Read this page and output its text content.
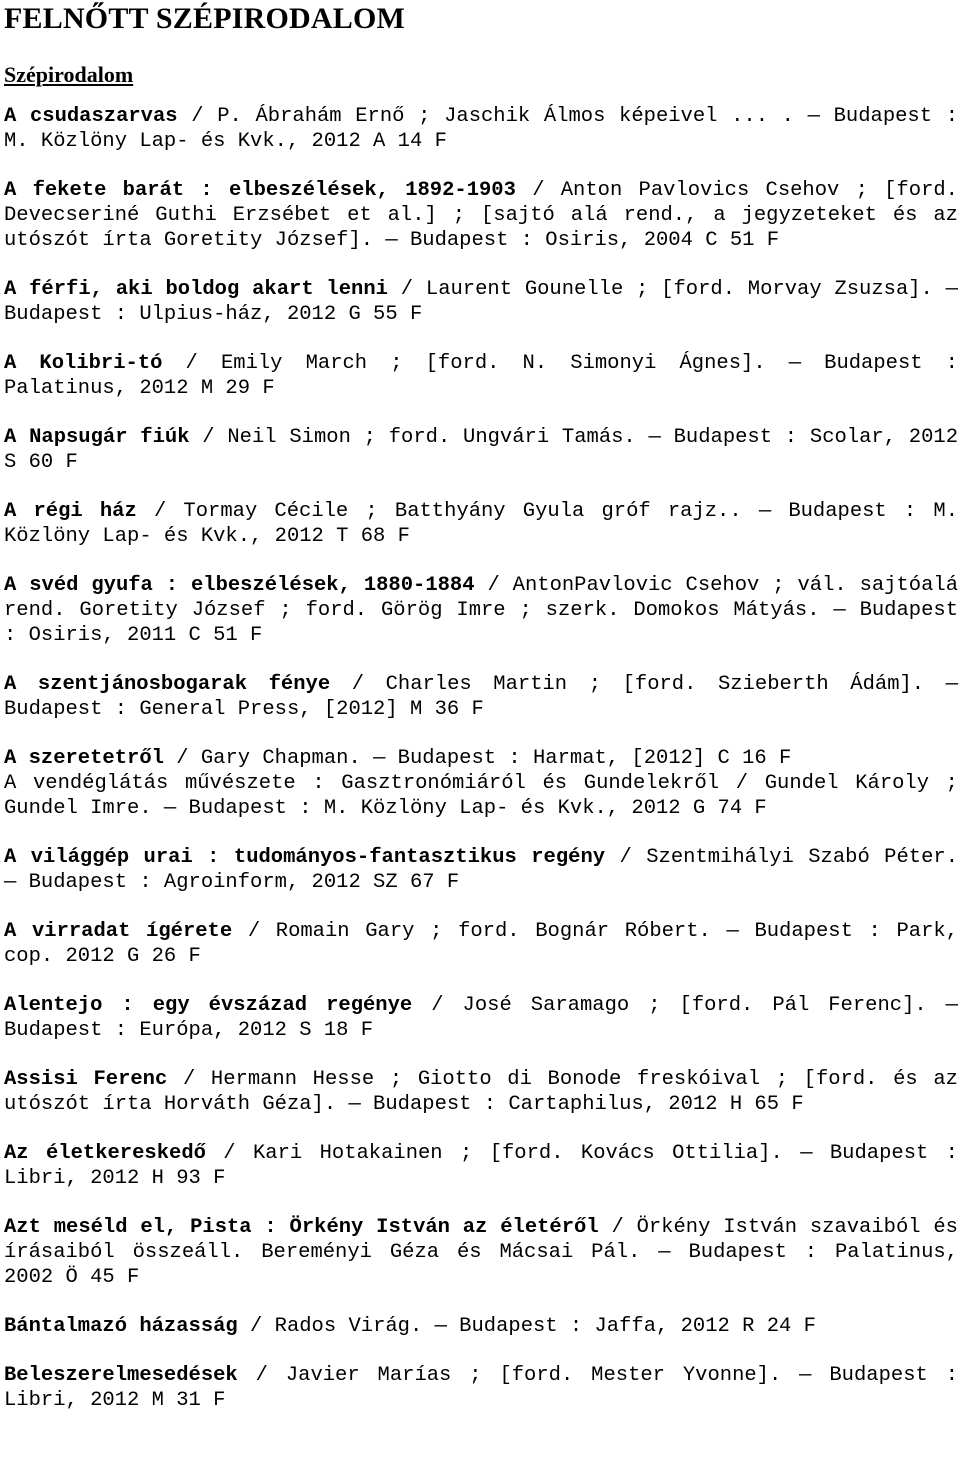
FELNŐTT SZÉPIRODALOM
Szépirodalom
A csudaszarvas / P. Ábrahám Ernő ; Jaschik Álmos képeivel ... . — Budapest : M. Közlöny Lap- és Kvk., 2012 A 14 F
A fekete barát : elbeszélések, 1892-1903 / Anton Pavlovics Csehov ; [ford. Devecseriné Guthi Erzsébet et al.] ; [sajtó alá rend., a jegyzeteket és az utószót írta Goretity József]. — Budapest : Osiris, 2004 C 51 F
A férfi, aki boldog akart lenni / Laurent Gounelle ; [ford. Morvay Zsuzsa]. — Budapest : Ulpius-ház, 2012 G 55 F
A Kolibri-tó / Emily March ; [ford. N. Simonyi Ágnes]. — Budapest : Palatinus, 2012 M 29 F
A Napsugár fiúk / Neil Simon ; ford. Ungvári Tamás. — Budapest : Scolar, 2012 S 60 F
A régi ház / Tormay Cécile ; Batthyány Gyula gróf rajz.. — Budapest : M. Közlöny Lap- és Kvk., 2012 T 68 F
A svéd gyufa : elbeszélések, 1880-1884 / AntonPavlovic Csehov ; vál. sajtóalá rend. Goretity József ; ford. Görög Imre ; szerk. Domokos Mátyás. — Budapest : Osiris, 2011 C 51 F
A szentjánosbogarak fénye / Charles Martin ; [ford. Szieberth Ádám]. — Budapest : General Press, [2012] M 36 F
A szeretetről / Gary Chapman. — Budapest : Harmat, [2012] C 16 F
A vendéglátás művészete : Gasztronómiáról és Gundelekről / Gundel Károly ; Gundel Imre. — Budapest : M. Közlöny Lap- és Kvk., 2012 G 74 F
A világgép urai : tudományos-fantasztikus regény / Szentmihályi Szabó Péter. — Budapest : Agroinform, 2012 SZ 67 F
A virradat ígérete / Romain Gary ; ford. Bognár Róbert. — Budapest : Park, cop. 2012 G 26 F
Alentejo : egy évszázad regénye / José Saramago ; [ford. Pál Ferenc]. — Budapest : Európa, 2012 S 18 F
Assisi Ferenc / Hermann Hesse ; Giotto di Bonode freskóival ; [ford. és az utószót írta Horváth Géza]. — Budapest : Cartaphilus, 2012 H 65 F
Az életkereskedő / Kari Hotakainen ; [ford. Kovács Ottilia]. — Budapest : Libri, 2012 H 93 F
Azt meséld el, Pista : Örkény István az életéről / Örkény István szavaiból és írásaiból összeáll. Bereményi Géza és Mácsai Pál. — Budapest : Palatinus, 2002 Ö 45 F
Bántalmazó házasság / Rados Virág. — Budapest : Jaffa, 2012 R 24 F
Beleszerelmesedések / Javier Marías ; [ford. Mester Yvonne]. — Budapest : Libri, 2012 M 31 F
